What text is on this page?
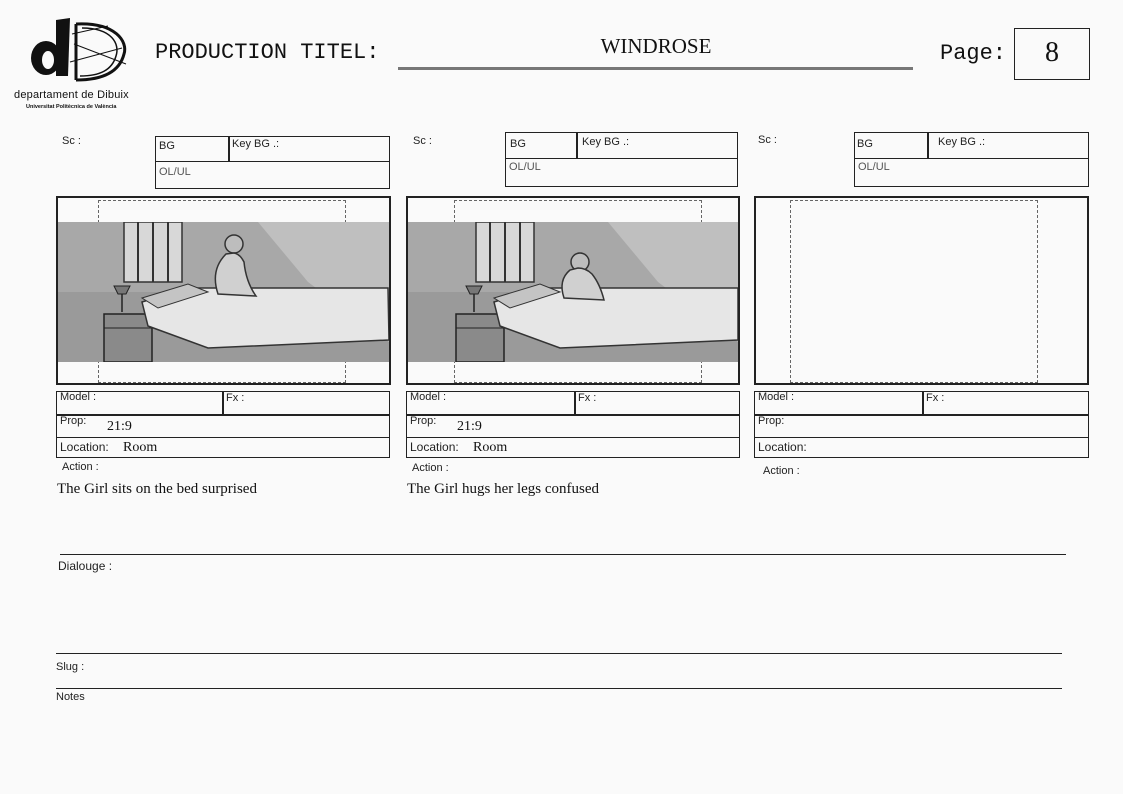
departament de Dibuix
Universitat Politècnica de València
PRODUCTION TITEL:	WINDROSE	Page:	8
Sc :	BG	Key BG .:
OL/UL
Model :	Fx :
Prop: 21:9
Location: Room
Action :
The Girl sits on the bed surprised
Sc :	BG	Key BG .:
OL/UL
Model :	Fx :
Prop: 21:9
Location: Room
Action :
The Girl hugs her legs confused
Sc :	BG	Key BG .:
OL/UL
Model :	Fx :
Prop:
Location:
Action :
Dialouge :
Slug :
Notes
